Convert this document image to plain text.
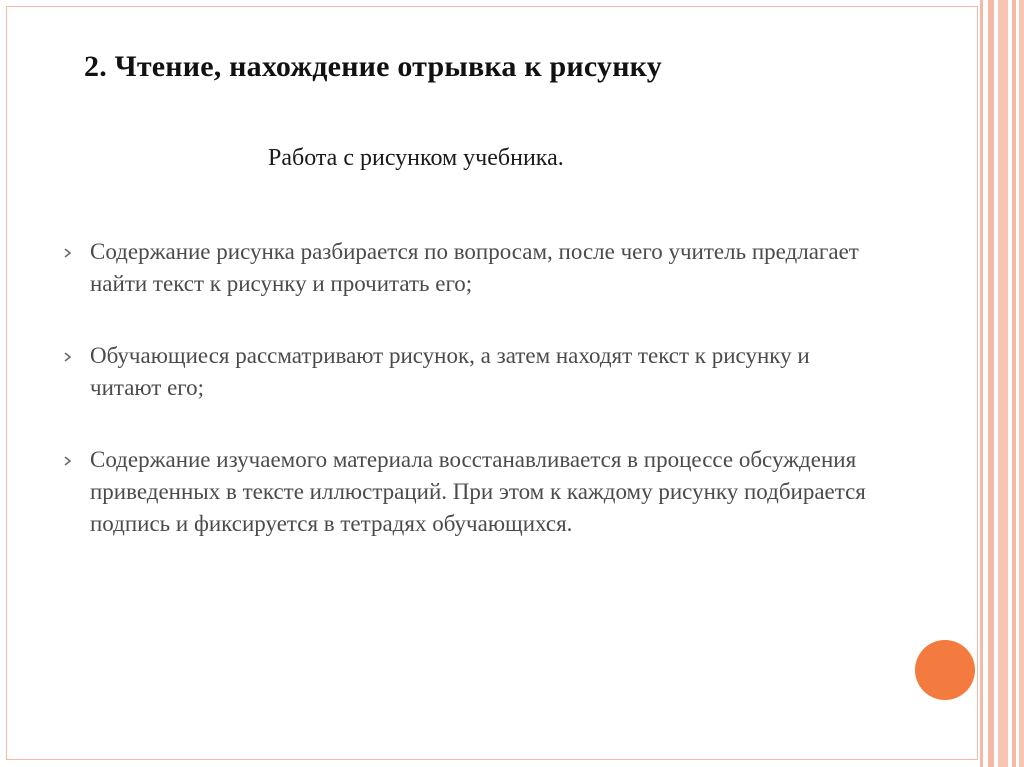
2. Чтение, нахождение отрывка к рисунку

Работа с рисунком учебника.

Содержание рисунка разбирается по вопросам, после чего учитель предлагает найти текст к рисунку и прочитать его;
Обучающиеся рассматривают рисунок, а затем находят текст к рисунку и читают его;
Содержание изучаемого материала восстанавливается в процессе обсуждения приведенных в тексте иллюстраций. При этом к каждому рисунку подбирается подпись и фиксируется в тетрадях обучающихся.
